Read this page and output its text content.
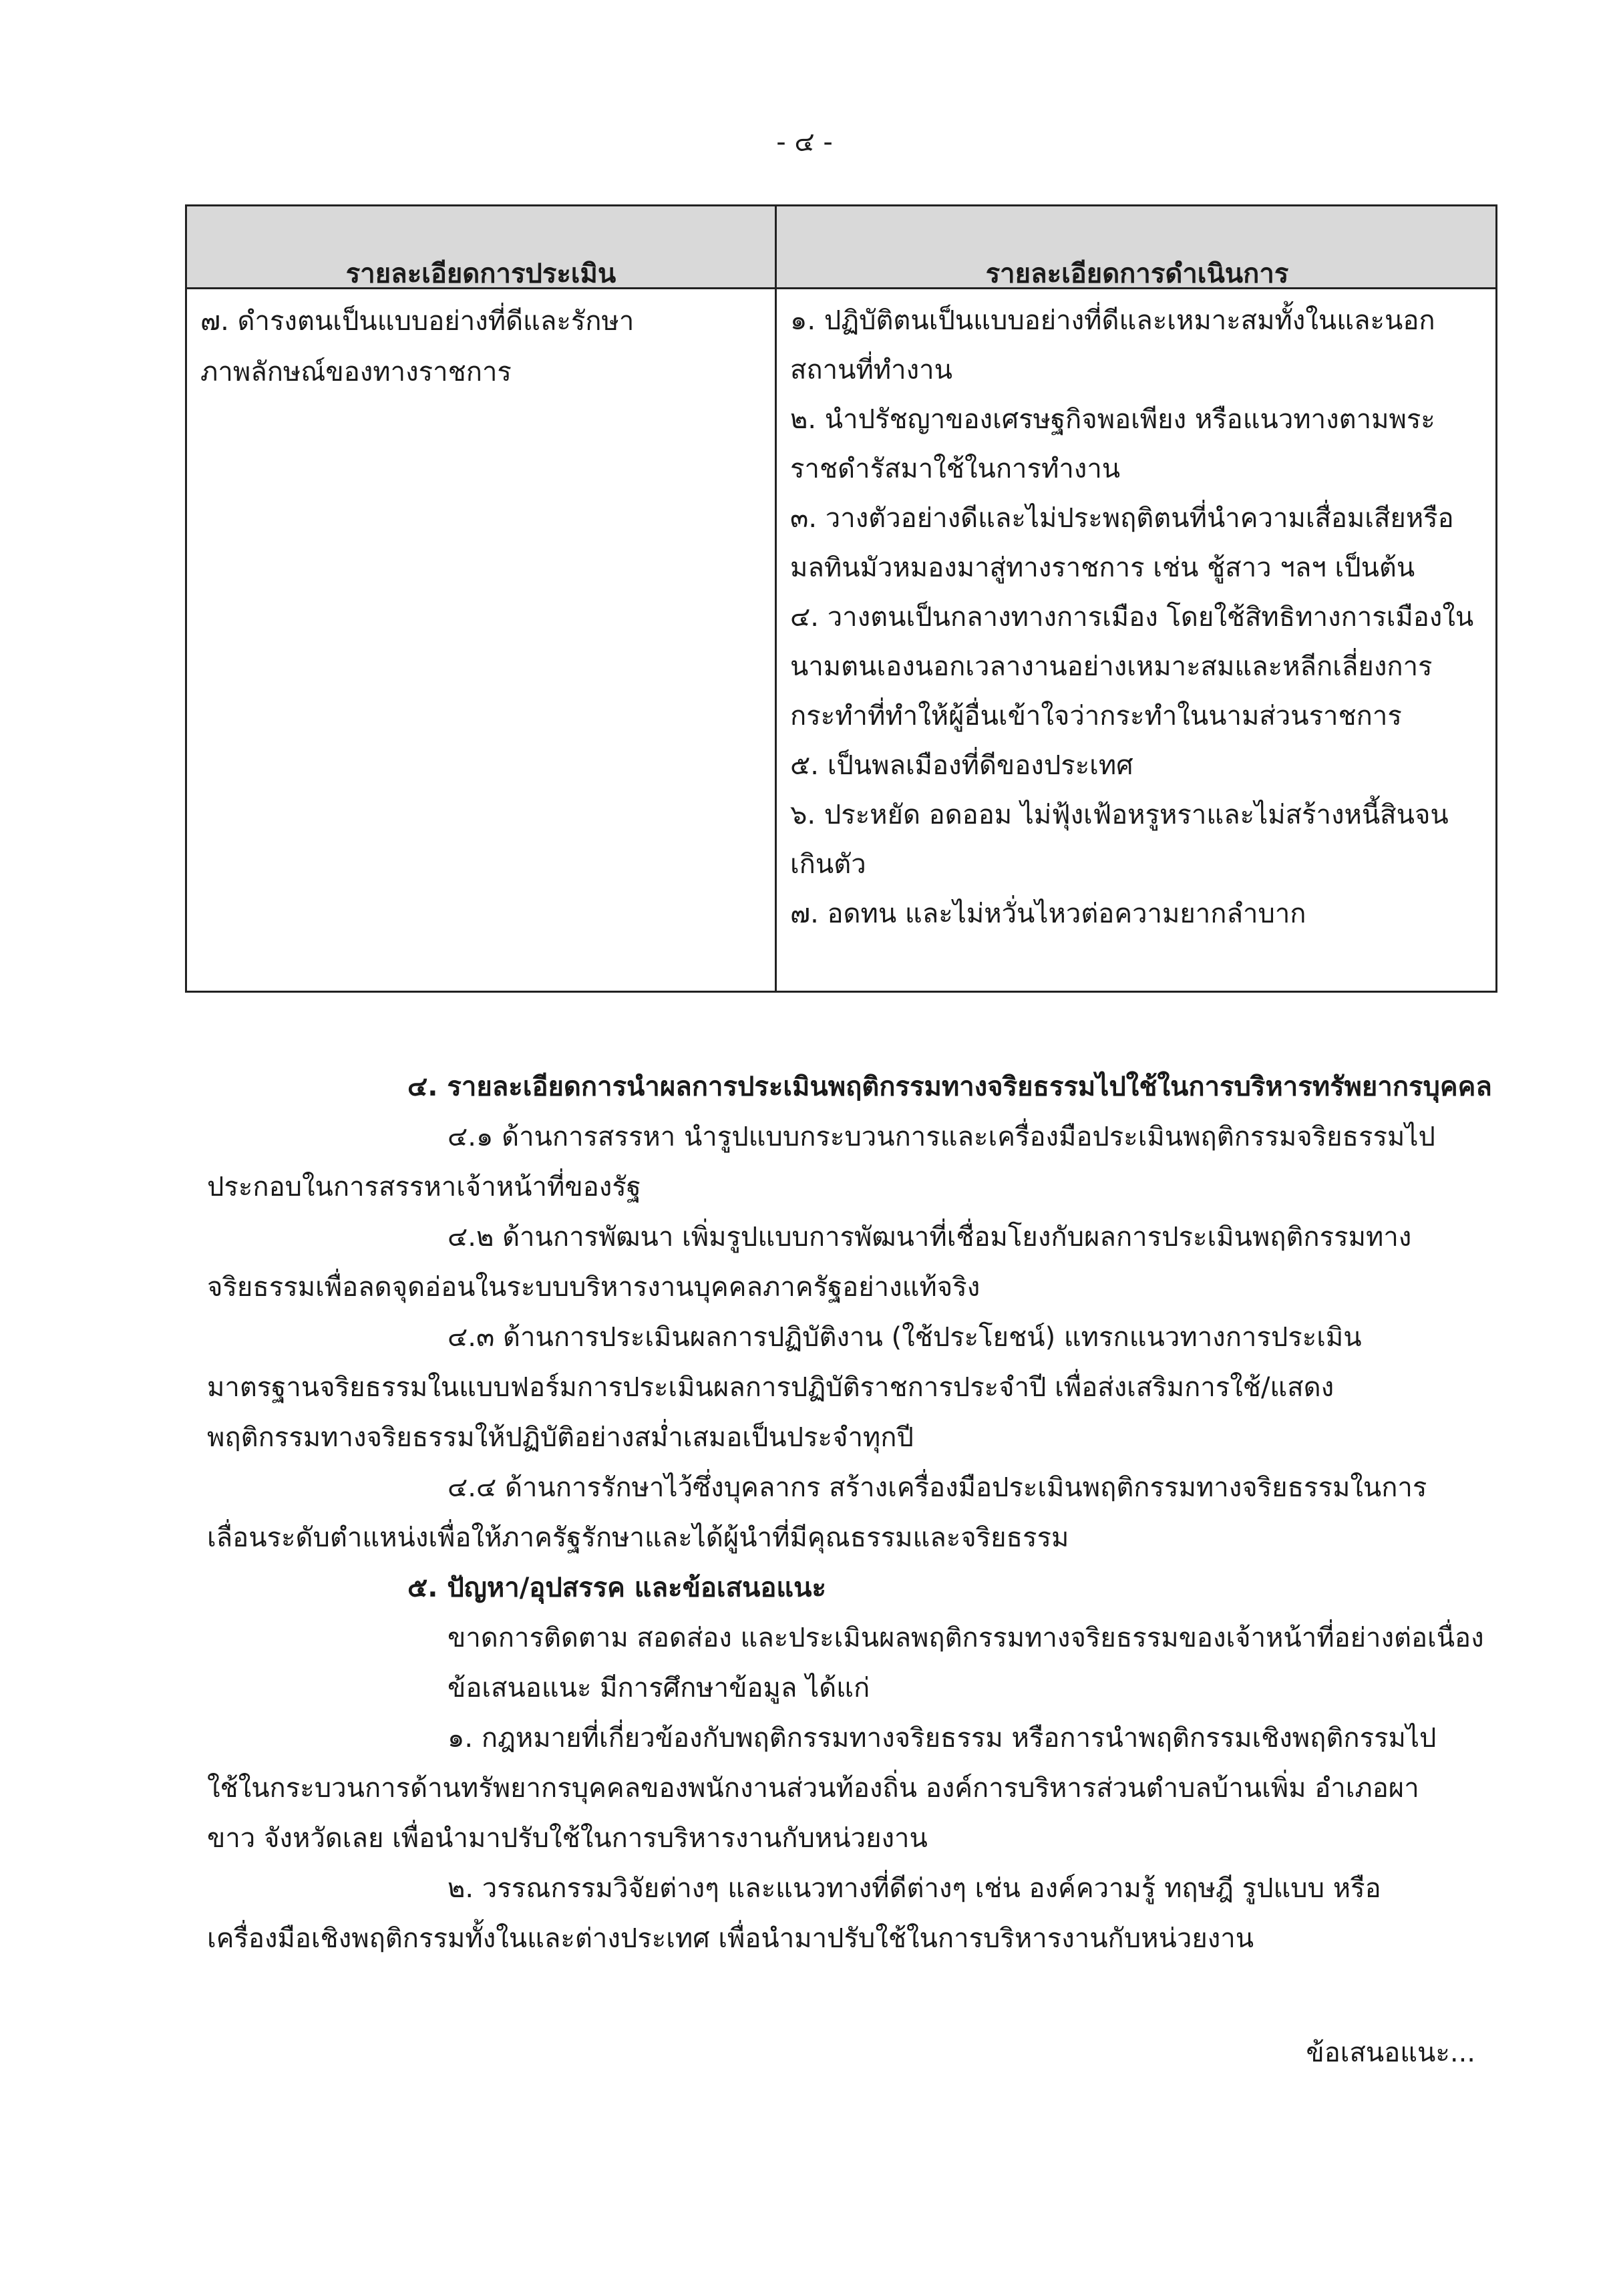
- ๔ -
รายละเอียดการประเมิน	รายละเอียดการดำเนินการ

๗. ดำรงตนเป็นแบบอย่างที่ดีและรักษา

ภาพลักษณ์ของทางราชการ

๑. ปฏิบัติตนเป็นแบบอย่างที่ดีและเหมาะสมทั้งในและนอก

สถานที่ทำงาน

๒. นำปรัชญาของเศรษฐกิจพอเพียง หรือแนวทางตามพระ

ราชดำรัสมาใช้ในการทำงาน

๓. วางตัวอย่างดีและไม่ประพฤติตนที่นำความเสื่อมเสียหรือ

มลทินมัวหมองมาสู่ทางราชการ เช่น ชู้สาว ฯลฯ เป็นต้น

๔. วางตนเป็นกลางทางการเมือง โดยใช้สิทธิทางการเมืองใน

นามตนเองนอกเวลางานอย่างเหมาะสมและหลีกเลี่ยงการ

กระทำที่ทำให้ผู้อื่นเข้าใจว่ากระทำในนามส่วนราชการ

๕. เป็นพลเมืองที่ดีของประเทศ

๖. ประหยัด อดออม ไม่ฟุ้งเฟ้อหรูหราและไม่สร้างหนี้สินจน

เกินตัว

๗. อดทน และไม่หวั่นไหวต่อความยากลำบาก

๔. รายละเอียดการนำผลการประเมินพฤติกรรมทางจริยธรรมไปใช้ในการบริหารทรัพยากรบุคคล

๔.๑ ด้านการสรรหา นำรูปแบบกระบวนการและเครื่องมือประเมินพฤติกรรมจริยธรรมไป

ประกอบในการสรรหาเจ้าหน้าที่ของรัฐ

๔.๒ ด้านการพัฒนา เพิ่มรูปแบบการพัฒนาที่เชื่อมโยงกับผลการประเมินพฤติกรรมทาง

จริยธรรมเพื่อลดจุดอ่อนในระบบบริหารงานบุคคลภาครัฐอย่างแท้จริง

๔.๓ ด้านการประเมินผลการปฏิบัติงาน (ใช้ประโยชน์) แทรกแนวทางการประเมิน

มาตรฐานจริยธรรมในแบบฟอร์มการประเมินผลการปฏิบัติราชการประจำปี เพื่อส่งเสริมการใช้/แสดง

พฤติกรรมทางจริยธรรมให้ปฏิบัติอย่างสม่ำเสมอเป็นประจำทุกปี

๔.๔ ด้านการรักษาไว้ซึ่งบุคลากร สร้างเครื่องมือประเมินพฤติกรรมทางจริยธรรมในการ

เลื่อนระดับตำแหน่งเพื่อให้ภาครัฐรักษาและได้ผู้นำที่มีคุณธรรมและจริยธรรม

๕. ปัญหา/อุปสรรค และข้อเสนอแนะ

ขาดการติดตาม สอดส่อง และประเมินผลพฤติกรรมทางจริยธรรมของเจ้าหน้าที่อย่างต่อเนื่อง

ข้อเสนอแนะ มีการศึกษาข้อมูล ได้แก่

๑. กฎหมายที่เกี่ยวข้องกับพฤติกรรมทางจริยธรรม หรือการนำพฤติกรรมเชิงพฤติกรรมไป

ใช้ในกระบวนการด้านทรัพยากรบุคคลของพนักงานส่วนท้องถิ่น องค์การบริหารส่วนตำบลบ้านเพิ่ม อำเภอผา

ขาว จังหวัดเลย เพื่อนำมาปรับใช้ในการบริหารงานกับหน่วยงาน

๒. วรรณกรรมวิจัยต่างๆ และแนวทางที่ดีต่างๆ เช่น องค์ความรู้ ทฤษฎี รูปแบบ หรือ

เครื่องมือเชิงพฤติกรรมทั้งในและต่างประเทศ เพื่อนำมาปรับใช้ในการบริหารงานกับหน่วยงาน

ข้อเสนอแนะ...
